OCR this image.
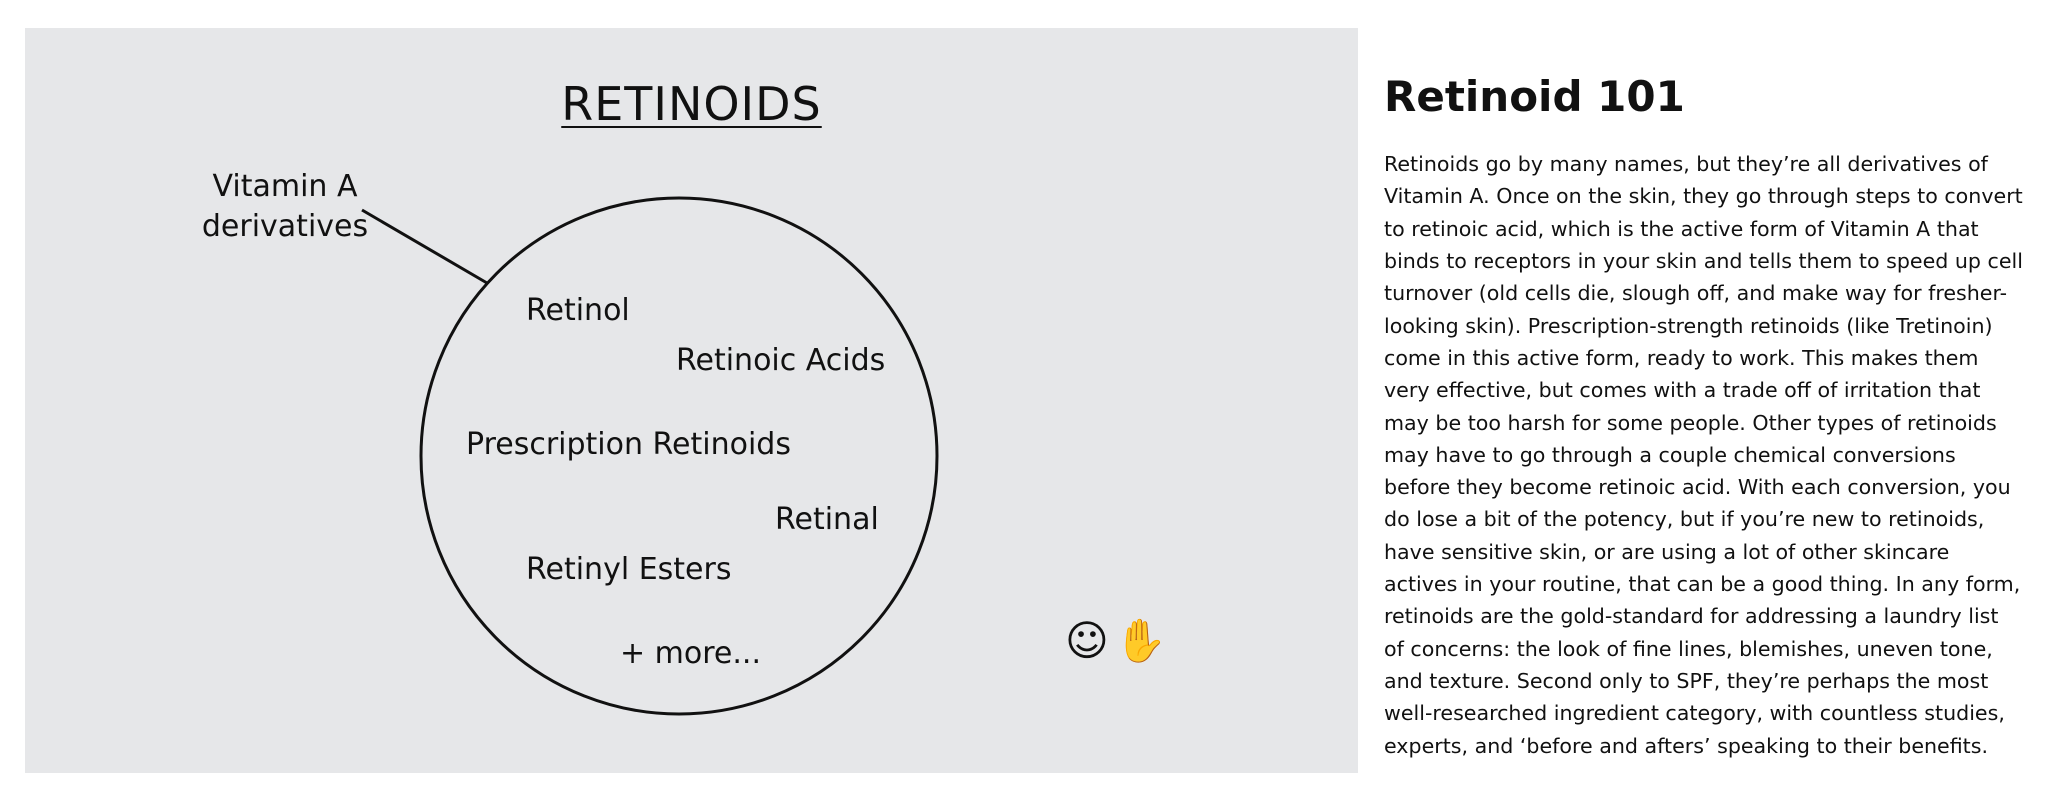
RETINOIDS
Vitamin A derivatives
Retinol
Retinoic Acids
Prescription Retinoids
Retinal
Retinyl Esters
+ more...	☺ ✋
Retinoid 101

Retinoids go by many names, but they’re all derivatives of Vitamin A. Once on the skin, they go through steps to convert to retinoic acid, which is the active form of Vitamin A that binds to receptors in your skin and tells them to speed up cell turnover (old cells die, slough off, and make way for fresher-looking skin). Prescription-strength retinoids (like Tretinoin) come in this active form, ready to work. This makes them very effective, but comes with a trade off of irritation that may be too harsh for some people. Other types of retinoids may have to go through a couple chemical conversions before they become retinoic acid. With each conversion, you do lose a bit of the potency, but if you’re new to retinoids, have sensitive skin, or are using a lot of other skincare actives in your routine, that can be a good thing. In any form, retinoids are the gold-standard for addressing a laundry list of concerns: the look of fine lines, blemishes, uneven tone, and texture. Second only to SPF, they’re perhaps the most well-researched ingredient category, with countless studies, experts, and ‘before and afters’ speaking to their benefits.
